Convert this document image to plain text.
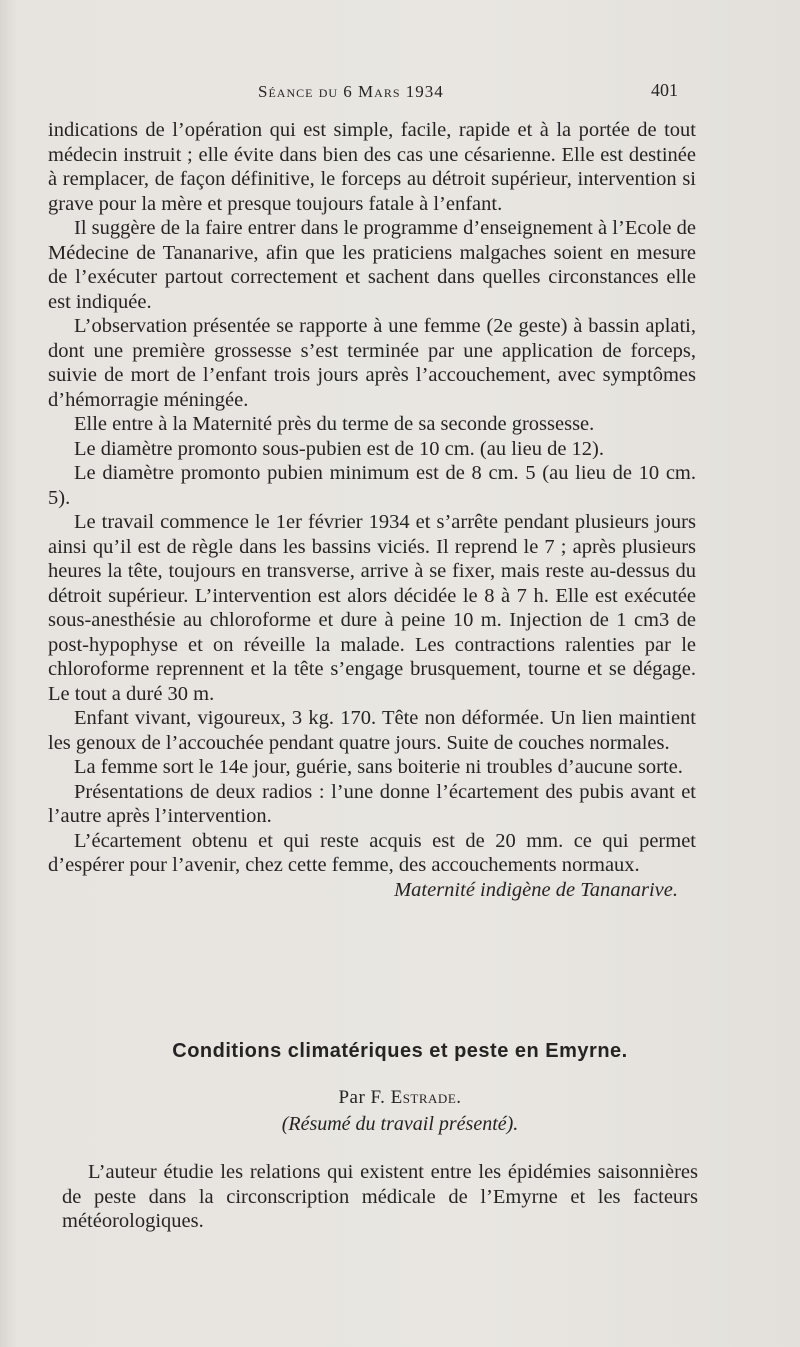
Séance du 6 Mars 1934	401

indications de l’opération qui est simple, facile, rapide et à la portée de tout médecin instruit ; elle évite dans bien des cas une césarienne. Elle est destinée à remplacer, de façon définitive, le forceps au détroit supérieur, intervention si grave pour la mère et presque toujours fatale à l’enfant.

Il suggère de la faire entrer dans le programme d’enseignement à l’Ecole de Médecine de Tananarive, afin que les praticiens malgaches soient en mesure de l’exécuter partout correctement et sachent dans quelles circonstances elle est indiquée.

L’observation présentée se rapporte à une femme (2e geste) à bassin aplati, dont une première grossesse s’est terminée par une application de forceps, suivie de mort de l’enfant trois jours après l’accouchement, avec symptômes d’hémorragie méningée.

Elle entre à la Maternité près du terme de sa seconde grossesse.

Le diamètre promonto sous-pubien est de 10 cm. (au lieu de 12).

Le diamètre promonto pubien minimum est de 8 cm. 5 (au lieu de 10 cm. 5).

Le travail commence le 1er février 1934 et s’arrête pendant plusieurs jours ainsi qu’il est de règle dans les bassins viciés. Il reprend le 7 ; après plusieurs heures la tête, toujours en transverse, arrive à se fixer, mais reste au-dessus du détroit supérieur. L’intervention est alors décidée le 8 à 7 h. Elle est exécutée sous-anesthésie au chloroforme et dure à peine 10 m. Injection de 1 cm3 de post-hypophyse et on réveille la malade. Les contractions ralenties par le chloroforme reprennent et la tête s’engage brusquement, tourne et se dégage. Le tout a duré 30 m.

Enfant vivant, vigoureux, 3 kg. 170. Tête non déformée. Un lien maintient les genoux de l’accouchée pendant quatre jours. Suite de couches normales.

La femme sort le 14e jour, guérie, sans boiterie ni troubles d’aucune sorte.

Présentations de deux radios : l’une donne l’écartement des pubis avant et l’autre après l’intervention.

L’écartement obtenu et qui reste acquis est de 20 mm. ce qui permet d’espérer pour l’avenir, chez cette femme, des accouchements normaux.

Maternité indigène de Tananarive.
Conditions climatériques et peste en Emyrne.
Par F. Estrade.
(Résumé du travail présenté).

L’auteur étudie les relations qui existent entre les épidémies saisonnières de peste dans la circonscription médicale de l’Emyrne et les facteurs météorologiques.
